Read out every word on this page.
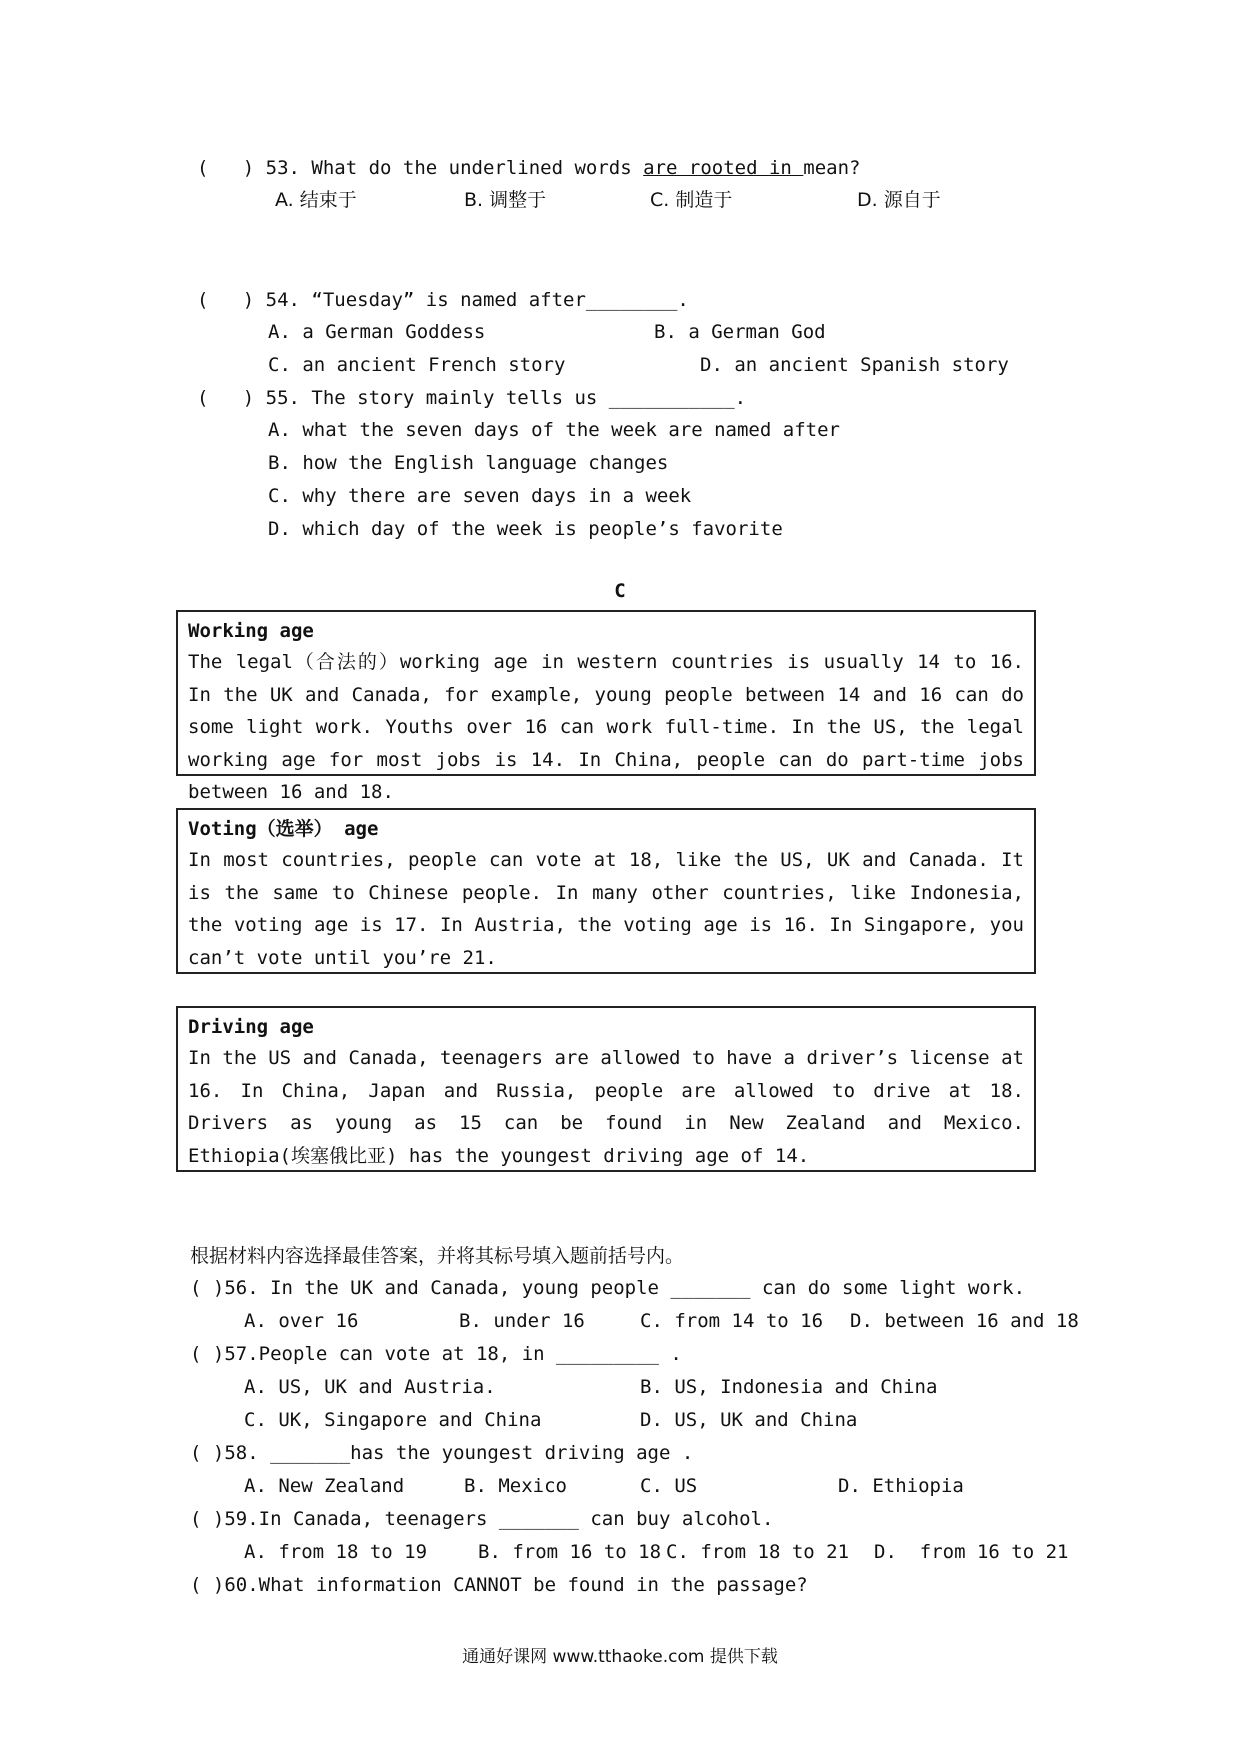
(   ) 53. What do the underlined words are rooted in mean?
A. 结束于	B. 调整于	C. 制造于	D. 源自于
(   ) 54. “Tuesday” is named after________.
A. a German Goddess	B. a German God
C. an ancient French story	D. an ancient Spanish story
(   ) 55. The story mainly tells us ___________.
A. what the seven days of the week are named after
B. how the English language changes
C. why there are seven days in a week
D. which day of the week is people’s favorite
C
Working age
The legal（合法的）working age in western countries is usually 14 to 16. In the UK and Canada, for example, young people between 14 and 16 can do some light work. Youths over 16 can work full-time. In the US, the legal working age for most jobs is 14. In China, people can do part-time jobs between 16 and 18.
Voting（选举） age
In most countries, people can vote at 18, like the US, UK and Canada. It is the same to Chinese people. In many other countries, like Indonesia, the voting age is 17. In Austria, the voting age is 16. In Singapore, you can’t vote until you’re 21.
Driving age
In the US and Canada, teenagers are allowed to have a driver’s license at 16. In China, Japan and Russia, people are allowed to drive at 18. Drivers as young as 15 can be found in New Zealand and Mexico. Ethiopia(埃塞俄比亚) has the youngest driving age of 14.
根据材料内容选择最佳答案，并将其标号填入题前括号内。
( )56. In the UK and Canada, young people _______ can do some light work.
A. over 16	B. under 16	C. from 14 to 16 D. between 16 and 18
( )57.People can vote at 18, in _________ .
A. US, UK and Austria.	B. US, Indonesia and China
C. UK, Singapore and China	D. US, UK and China
( )58. _______has the youngest driving age .
A. New Zealand	B. Mexico	C. US	D. Ethiopia
( )59.In Canada, teenagers _______ can buy alcohol.
A. from 18 to 19	B. from 16 to 18 C. from 18 to 21 D.  from 16 to 21
( )60.What information CANNOT be found in the passage?
通通好课网 www.tthaoke.com 提供下载
